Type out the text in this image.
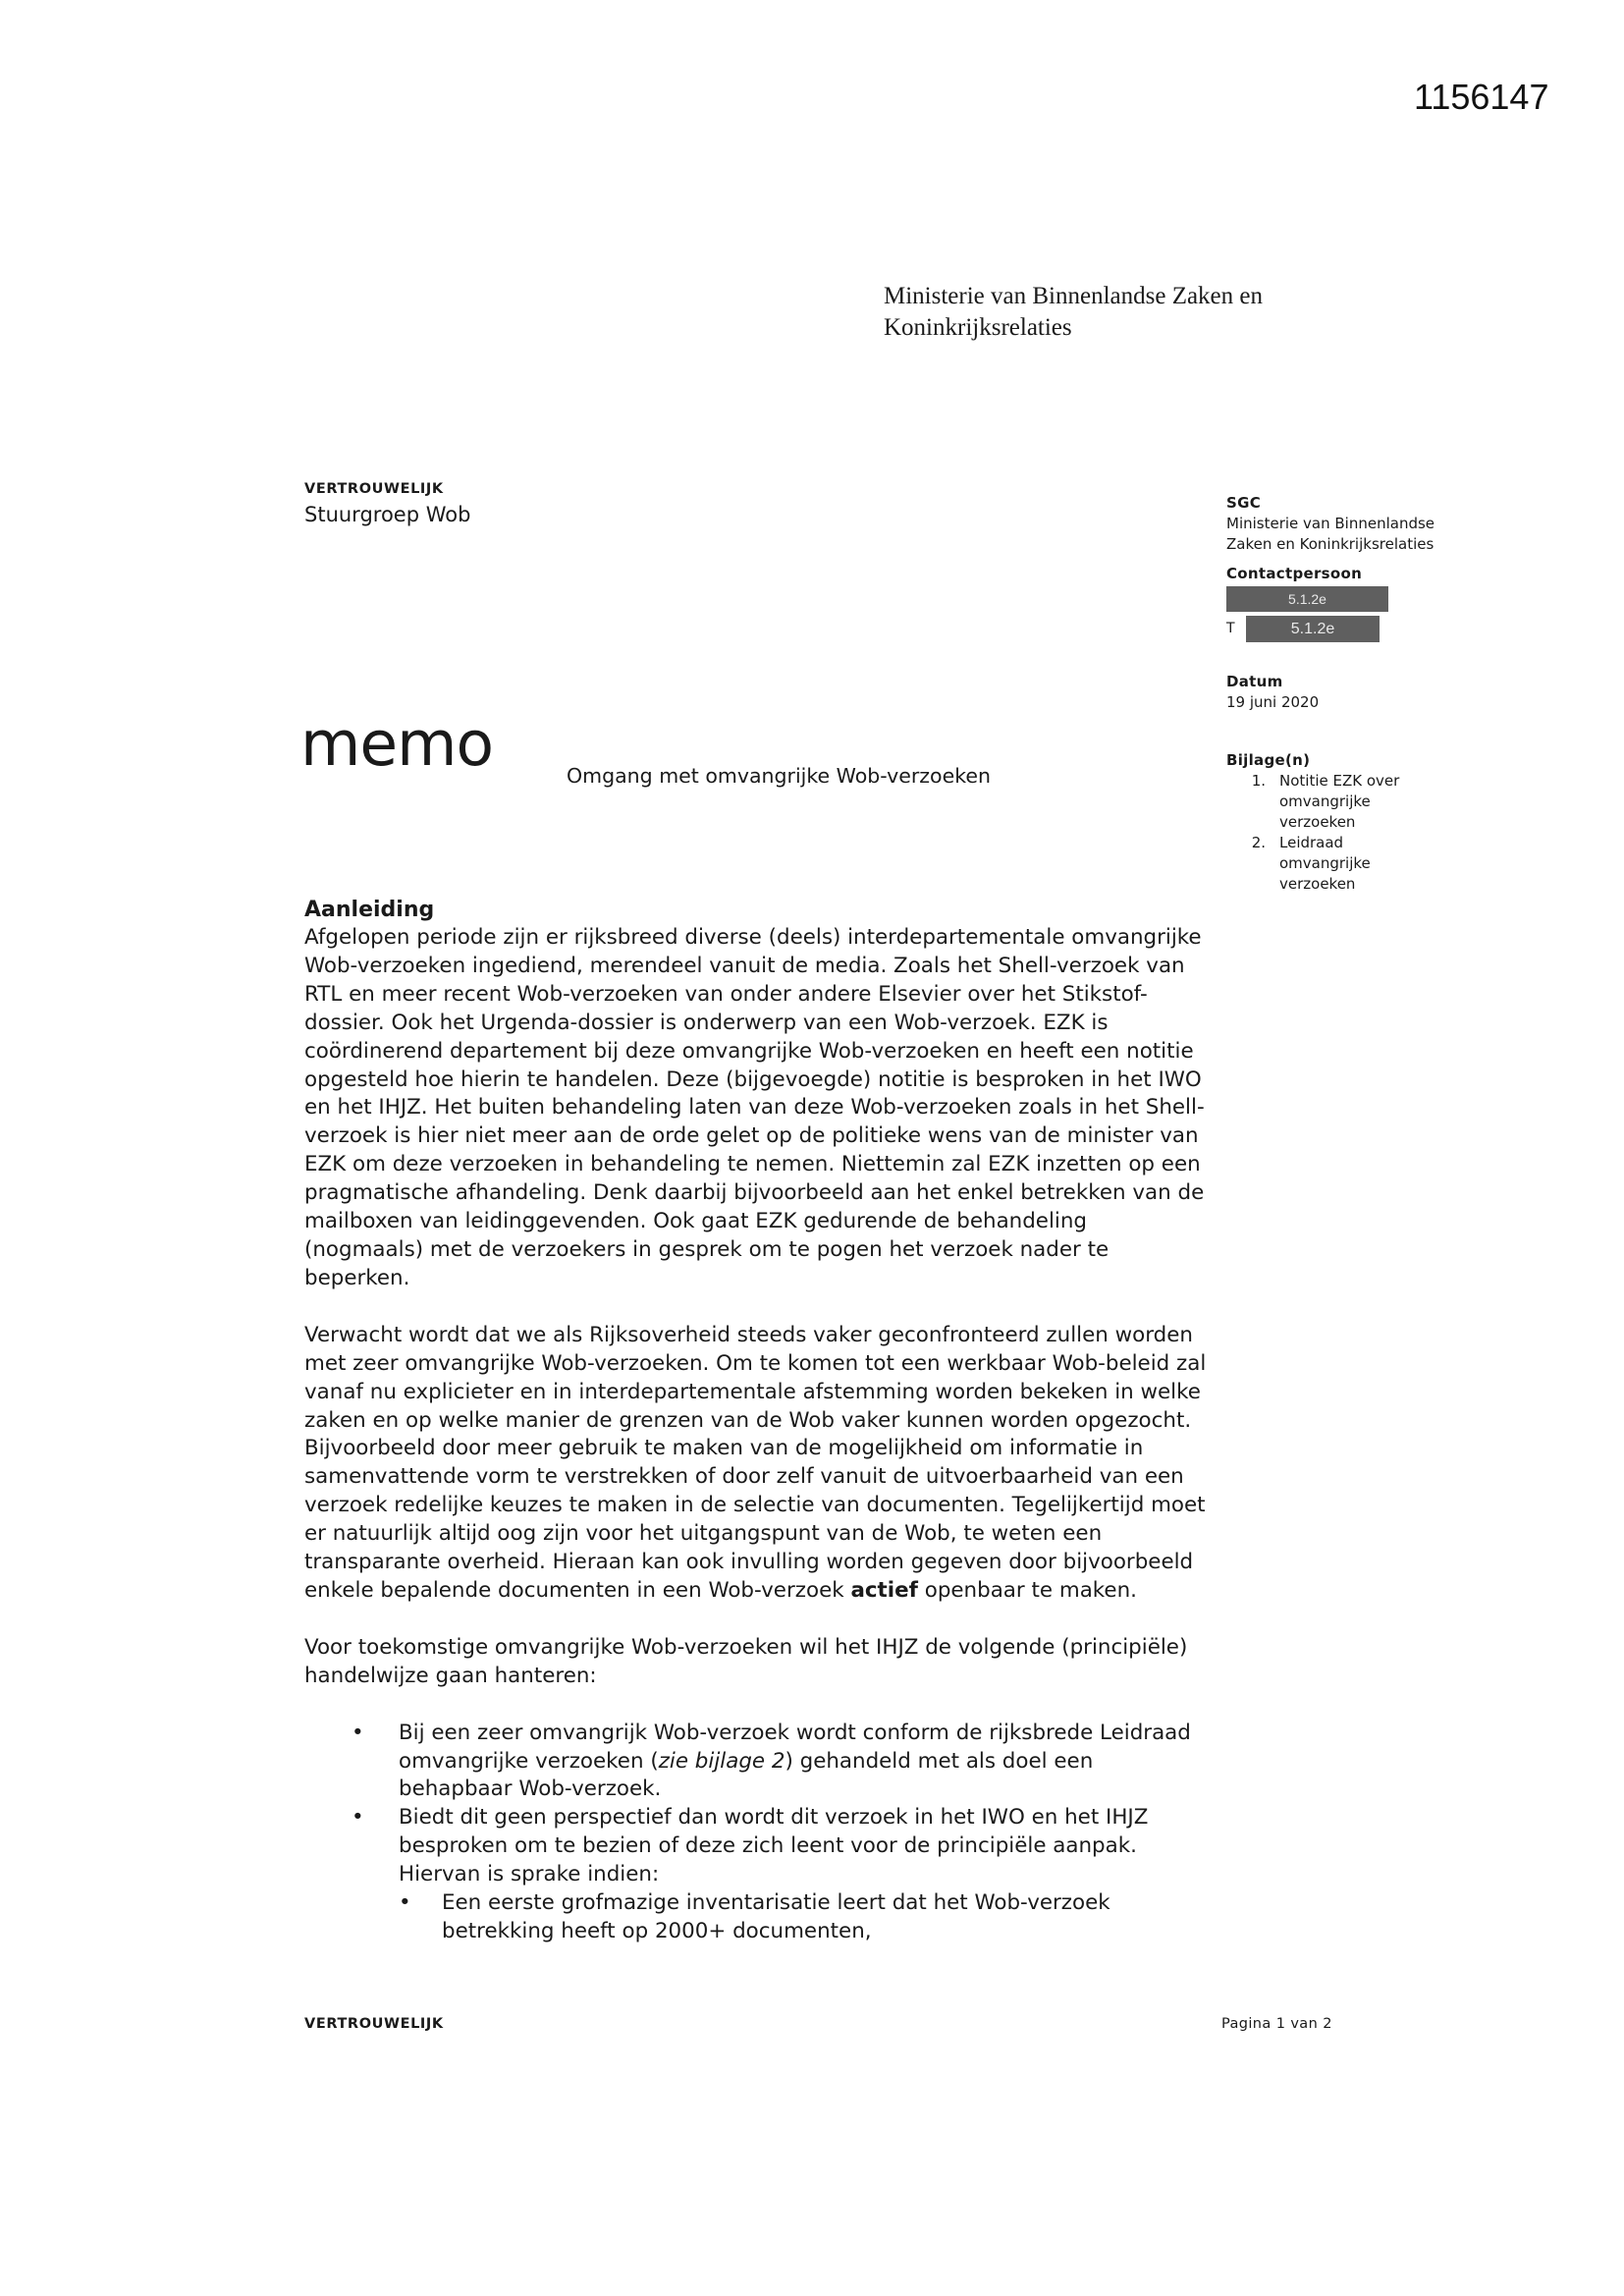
1156147
Ministerie van Binnenlandse Zaken en
Koninkrijksrelaties
VERTROUWELIJK
Stuurgroep Wob
memo	Omgang met omvangrijke Wob-verzoeken
SGC
Ministerie van Binnenlandse
Zaken en Koninkrijksrelaties
Contactpersoon
5.1.2e
T	5.1.2e
Datum
19 juni 2020
Bijlage(n)
1. Notitie EZK over
omvangrijke
verzoeken
2. Leidraad
omvangrijke
verzoeken
Aanleiding

Afgelopen periode zijn er rijksbreed diverse (deels) interdepartementale omvangrijke Wob-verzoeken ingediend, merendeel vanuit de media. Zoals het Shell-verzoek van RTL en meer recent Wob-verzoeken van onder andere Elsevier over het Stikstof-dossier. Ook het Urgenda-dossier is onderwerp van een Wob-verzoek. EZK is coördinerend departement bij deze omvangrijke Wob-verzoeken en heeft een notitie opgesteld hoe hierin te handelen. Deze (bijgevoegde) notitie is besproken in het IWO en het IHJZ. Het buiten behandeling laten van deze Wob-verzoeken zoals in het Shell-verzoek is hier niet meer aan de orde gelet op de politieke wens van de minister van EZK om deze verzoeken in behandeling te nemen. Niettemin zal EZK inzetten op een pragmatische afhandeling. Denk daarbij bijvoorbeeld aan het enkel betrekken van de mailboxen van leidinggevenden. Ook gaat EZK gedurende de behandeling (nogmaals) met de verzoekers in gesprek om te pogen het verzoek nader te beperken.

Verwacht wordt dat we als Rijksoverheid steeds vaker geconfronteerd zullen worden met zeer omvangrijke Wob-verzoeken. Om te komen tot een werkbaar Wob-beleid zal vanaf nu explicieter en in interdepartementale afstemming worden bekeken in welke zaken en op welke manier de grenzen van de Wob vaker kunnen worden opgezocht. Bijvoorbeeld door meer gebruik te maken van de mogelijkheid om informatie in samenvattende vorm te verstrekken of door zelf vanuit de uitvoerbaarheid van een verzoek redelijke keuzes te maken in de selectie van documenten. Tegelijkertijd moet er natuurlijk altijd oog zijn voor het uitgangspunt van de Wob, te weten een transparante overheid. Hieraan kan ook invulling worden gegeven door bijvoorbeeld enkele bepalende documenten in een Wob-verzoek actief openbaar te maken.

Voor toekomstige omvangrijke Wob-verzoeken wil het IHJZ de volgende (principiële) handelwijze gaan hanteren:

• Bij een zeer omvangrijk Wob-verzoek wordt conform de rijksbrede Leidraad omvangrijke verzoeken (zie bijlage 2) gehandeld met als doel een behapbaar Wob-verzoek.
• Biedt dit geen perspectief dan wordt dit verzoek in het IWO en het IHJZ besproken om te bezien of deze zich leent voor de principiële aanpak. Hiervan is sprake indien:
• Een eerste grofmazige inventarisatie leert dat het Wob-verzoek betrekking heeft op 2000+ documenten,
VERTROUWELIJK	Pagina 1 van 2
